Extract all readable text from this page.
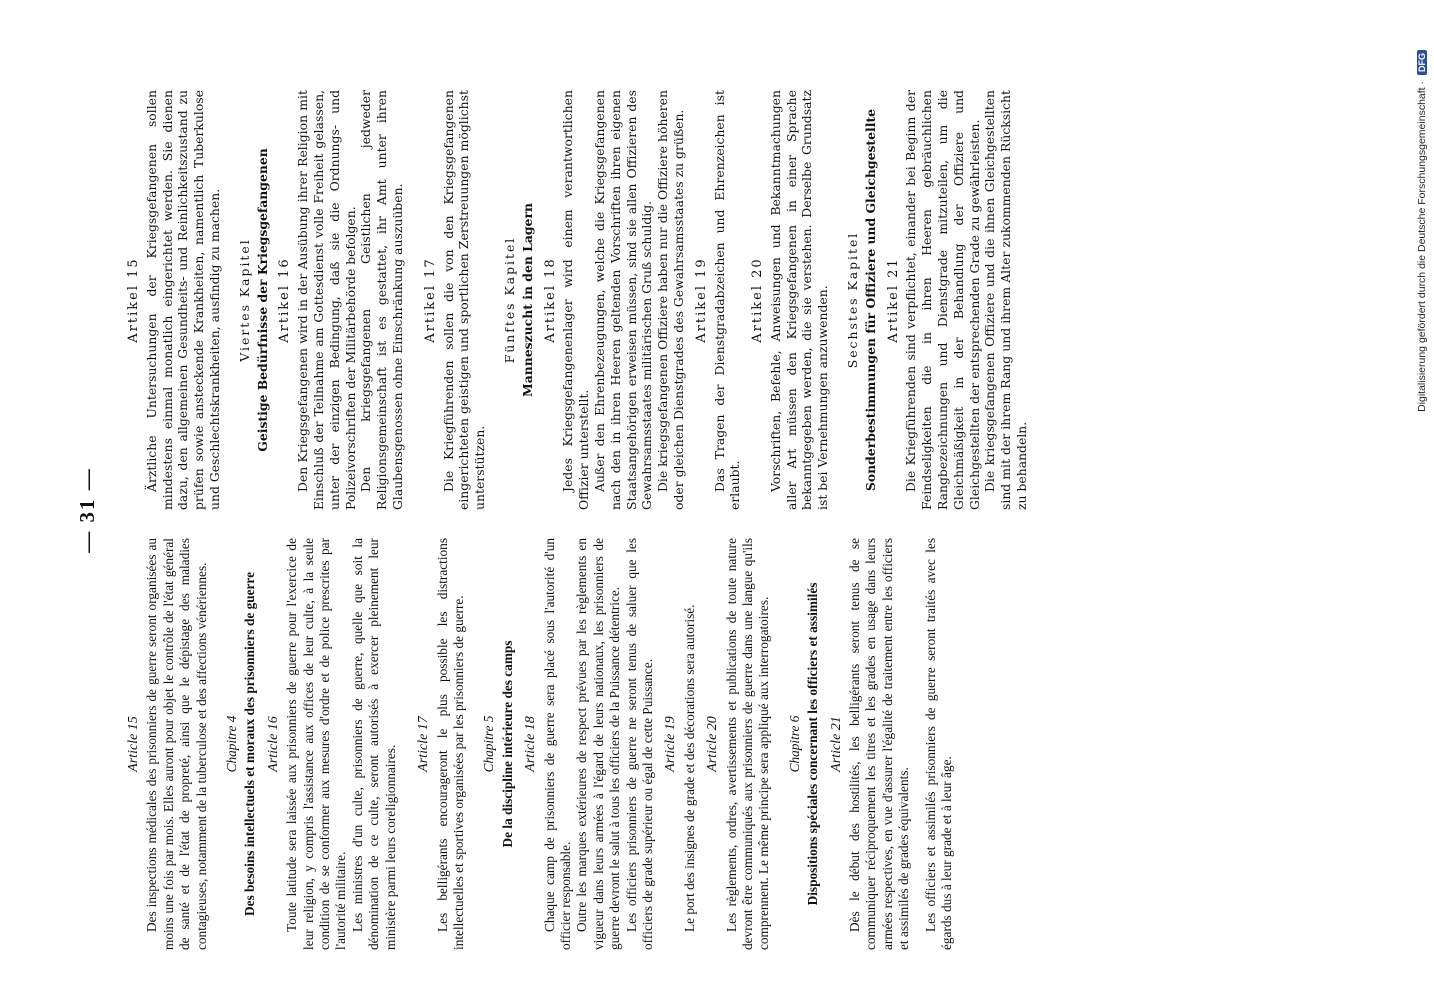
— 31 —
Article 15 Des inspections médicales des prisonniers de guerre seront organisées au moins une fois par mois. Elles auront pour objet le contrôle de l'état général de santé et de l'état de propreté, ainsi que le dépistage des maladies contagieuses, notamment de la tuberculose et des affections vénériennes. Chapitre 4 Des besoins intellectuels et moraux des prisonniers de guerre Article 16 Toute latitude sera laissée aux prisonniers de guerre pour l'exercice de leur religion, y compris l'assistance aux offices de leur culte, à la seule condition de se conformer aux mesures d'ordre et de police prescrites par l'autorité militaire. Les ministres d'un culte, prisonniers de guerre, quelle que soit la dénomination de ce culte, seront autorisés à exercer pleinement leur ministère parmi leurs coreligionnaires.

Article 17 Les belligérants encourageront le plus possible les distractions intellectuelles et sportives organisées par les prisonniers de guerre. Chapitre 5 De la discipline intérieure des camps Article 18 Chaque camp de prisonniers de guerre sera placé sous l'autorité d'un officier responsable. Outre les marques extérieures de respect prévues par les règlements en vigueur dans leurs armées à l'égard de leurs nationaux, les prisonniers de guerre devront le salut à tous les officiers de la Puissance détentrice. Les officiers prisonniers de guerre ne seront tenus de saluer que les officiers de grade supérieur ou égal de cette Puissance. Article 19 Le port des insignes de grade et des décorations sera autorisé. Article 20 Les règlements, ordres, avertissements et publications de toute nature devront être communiqués aux prisonniers de guerre dans une langue qu'ils comprennent. Le même principe sera appliqué aux interrogatoires. Chapitre 6 Dispositions spéciales concernant les officiers et assimilés Article 21 Dès le début des hostilités, les belligérants seront tenus de se communiquer réciproquement les titres et les grades en usage dans leurs armées respectives, en vue d'assurer l'égalité de traitement entre les officiers et assimilés de grades équivalents. Les officiers et assimilés prisonniers de guerre seront traités avec les égards dus à leur grade et à leur âge.

Artikel 15 Ärztliche Untersuchungen der Kriegsgefangenen sollen mindestens einmal monatlich eingerichtet werden. Sie dienen dazu, den allgemeinen Gesundheits- und Reinlichkeitszustand zu prüfen sowie ansteckende Krankheiten, namentlich Tuberkulose und Geschlechtskrankheiten, ausfindig zu machen. Viertes Kapitel Geistige Bedürfnisse der Kriegsgefangenen Artikel 16 Den Kriegsgefangenen wird in der Ausübung ihrer Religion mit Einschluß der Teilnahme am Gottesdienst volle Freiheit gelassen, unter der einzigen Bedingung, daß sie die Ordnungs- und Polizeivorschriften der Militärbehörde befolgen. Den kriegsgefangenen Geistlichen jedweder Religionsgemeinschaft ist es gestattet, ihr Amt unter ihren Glaubensgenossen ohne Einschränkung auszuüben. Artikel 17 Die Kriegführenden sollen die von den Kriegsgefangenen eingerichteten geistigen und sportlichen Zerstreuungen möglichst unterstützen.

Fünftes Kapitel Manneszucht in den Lagern Artikel 18 Jedes Kriegsgefangenenlager wird einem verantwortlichen Offizier unterstellt. Außer den Ehrenbezeugungen, welche die Kriegsgefangenen nach den in ihren Heeren geltenden Vorschriften ihren eigenen Staatsangehörigen erweisen müssen, sind sie allen Offizieren des Gewahrsamsstaates militärischen Gruß schuldig. Die kriegsgefangenen Offiziere haben nur die Offiziere höheren oder gleichen Dienstgrades des Gewahrsamsstaates zu grüßen. Artikel 19 Das Tragen der Dienstgradabzeichen und Ehrenzeichen ist erlaubt.

Artikel 20 Vorschriften, Befehle, Anweisungen und Bekanntmachungen aller Art müssen den Kriegsgefangenen in einer Sprache bekanntgegeben werden, die sie verstehen. Derselbe Grundsatz ist bei Vernehmungen anzuwenden. Sechstes Kapitel Sonderbestimmungen für Offiziere und Gleichgestellte Artikel 21 Die Kriegführenden sind verpflichtet, einander bei Beginn der Feindseligkeiten die in ihren Heeren gebräuchlichen Rangbezeichnungen und Dienstgrade mitzuteilen, um die Gleichmäßigkeit in der Behandlung der Offiziere und Gleichgestellten der entsprechenden Grade zu gewährleisten. Die kriegsgefangenen Offiziere und die ihnen Gleichgestellten sind mit der ihrem Rang und ihrem Alter zukommenden Rücksicht zu behandeln.

Digitalisierung gefördert durch die Deutsche Forschungsgemeinschaft ·
DFG
